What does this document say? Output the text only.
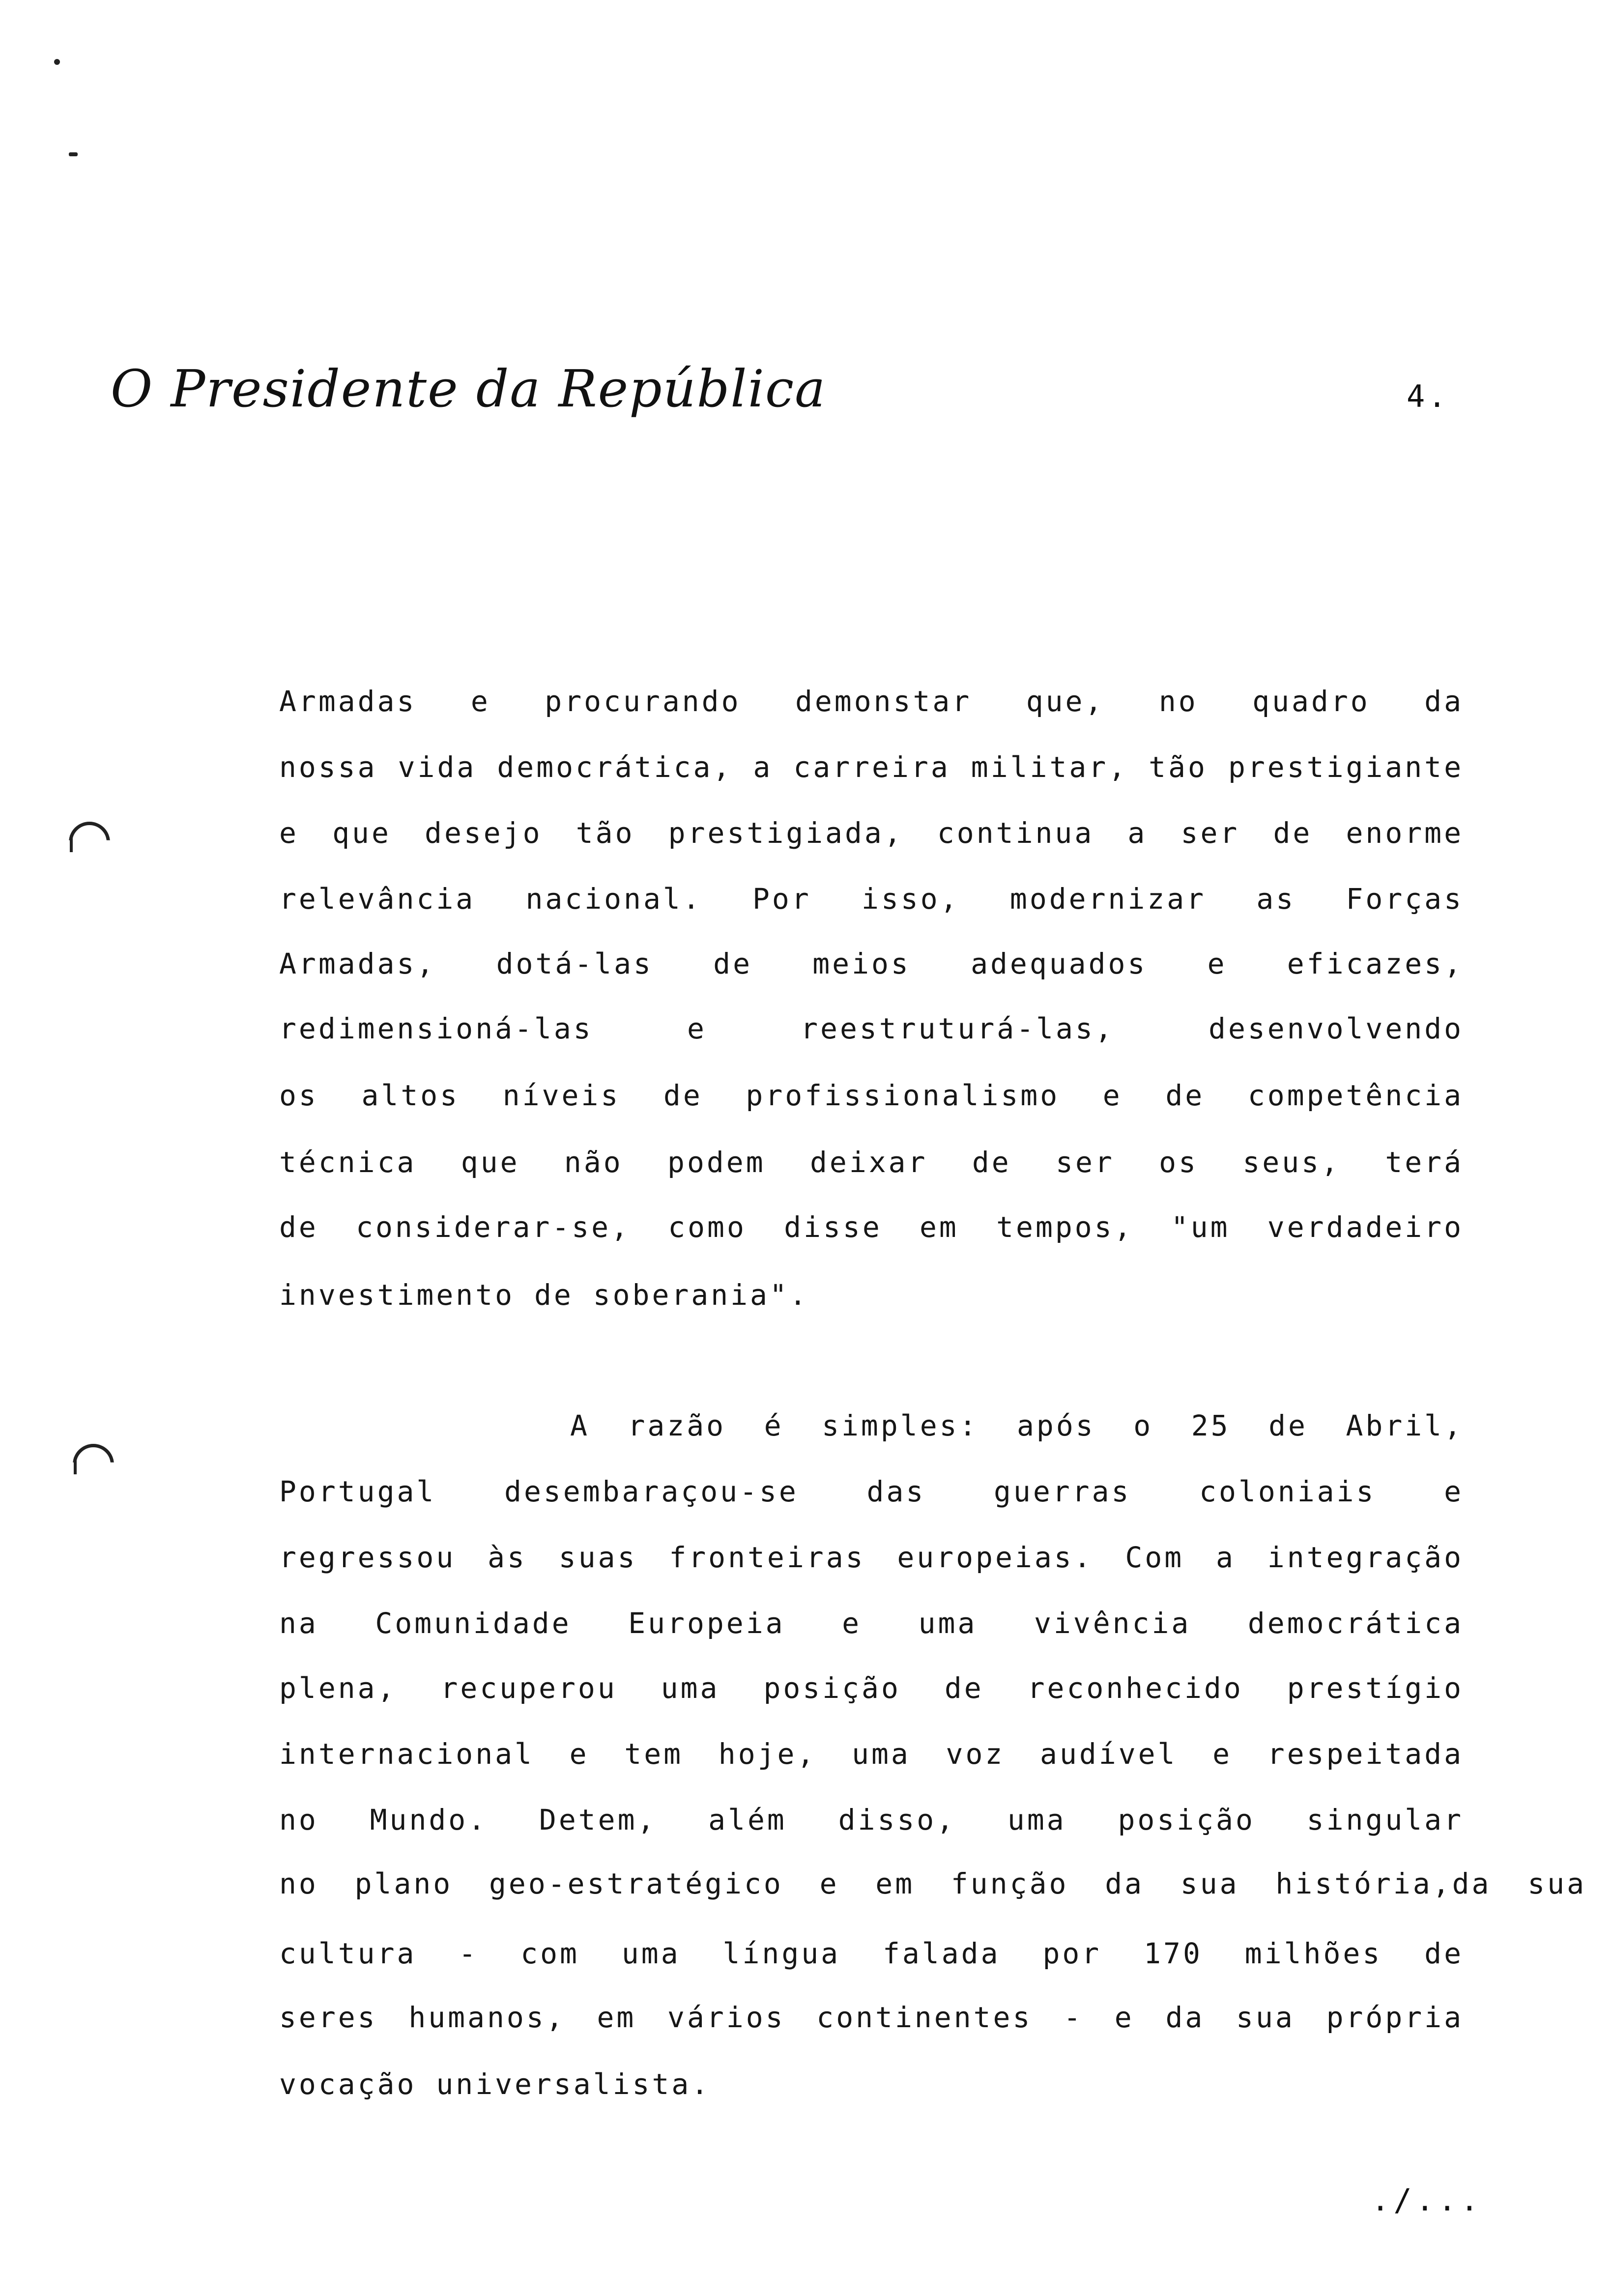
O Presidente da República	4.
Armadas e procurando demonstar que, no quadro da
nossa vida democrática, a carreira militar, tão prestigiante
e que desejo tão prestigiada, continua a ser de enorme
relevância nacional. Por isso, modernizar as Forças
Armadas, dotá-las de meios adequados e eficazes,
redimensioná-las e reestruturá-las, desenvolvendo
os altos níveis de profissionalismo e de competência
técnica que não podem deixar de ser os seus, terá
de considerar-se, como disse em tempos, "um verdadeiro
investimento de soberania".
A razão é simples: após o 25 de Abril,
Portugal desembaraçou-se das guerras coloniais e
regressou às suas fronteiras europeias. Com a integração
na Comunidade Europeia e uma vivência democrática
plena, recuperou uma posição de reconhecido prestígio
internacional e tem hoje, uma voz audível e respeitada
no Mundo. Detem, além disso, uma posição singular
no plano geo-estratégico e em função da sua história,da sua
cultura - com uma língua falada por 170 milhões de
seres humanos, em vários continentes - e da sua própria
vocação universalista.
./...
